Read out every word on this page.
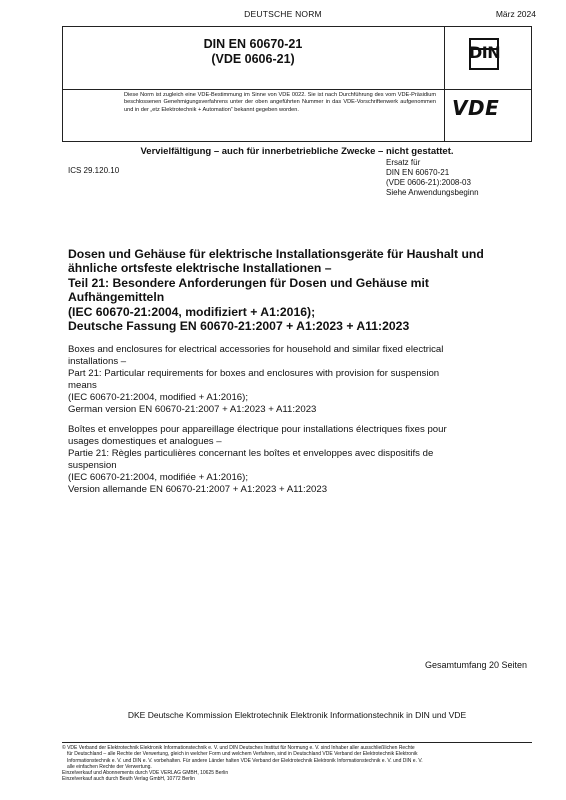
DEUTSCHE NORM	März 2024
DIN EN 60670-21
(VDE 0606-21)	DIN
VDE
Diese Norm ist zugleich eine VDE-Bestimmung im Sinne von VDE 0022. Sie ist nach Durchführung des vom VDE-Präsidium beschlossenen Genehmigungsverfahrens unter der oben angeführten Nummer in das VDE-Vorschriftenwerk aufgenommen und in der „etz Elektrotechnik + Automation“ bekannt gegeben worden.
Vervielfältigung – auch für innerbetriebliche Zwecke – nicht gestattet.
ICS 29.120.10
Ersatz für
DIN EN 60670-21
(VDE 0606-21):2008-03
Siehe Anwendungsbeginn
Dosen und Gehäuse für elektrische Installationsgeräte für Haushalt und
ähnliche ortsfeste elektrische Installationen –
Teil 21: Besondere Anforderungen für Dosen und Gehäuse mit
Aufhängemitteln
(IEC 60670-21:2004, modifiziert + A1:2016);
Deutsche Fassung EN 60670-21:2007 + A1:2023 + A11:2023
Boxes and enclosures for electrical accessories for household and similar fixed electrical
installations –
Part 21: Particular requirements for boxes and enclosures with provision for suspension
means
(IEC 60670-21:2004, modified + A1:2016);
German version EN 60670-21:2007 + A1:2023 + A11:2023
Boîtes et enveloppes pour appareillage électrique pour installations électriques fixes pour
usages domestiques et analogues –
Partie 21: Règles particulières concernant les boîtes et enveloppes avec dispositifs de
suspension
(IEC 60670-21:2004, modifiée + A1:2016);
Version allemande EN 60670-21:2007 + A1:2023 + A11:2023
Gesamtumfang 20 Seiten
DKE Deutsche Kommission Elektrotechnik Elektronik Informationstechnik in DIN und VDE
© VDE Verband der Elektrotechnik Elektronik Informationstechnik e. V. und DIN Deutsches Institut für Normung e. V. sind Inhaber aller ausschließlichen Rechte
für Deutschland – alle Rechte der Verwertung, gleich in welcher Form und welchem Verfahren, sind in Deutschland VDE Verband der Elektrotechnik Elektronik
Informationstechnik e. V. und DIN e. V. vorbehalten. Für andere Länder halten VDE Verband der Elektrotechnik Elektronik Informationstechnik e. V. und DIN e. V.
alle einfachen Rechte der Verwertung.
Einzelverkauf und Abonnements durch VDE VERLAG GMBH, 10625 Berlin
Einzelverkauf auch durch Beuth Verlag GmbH, 10772 Berlin
